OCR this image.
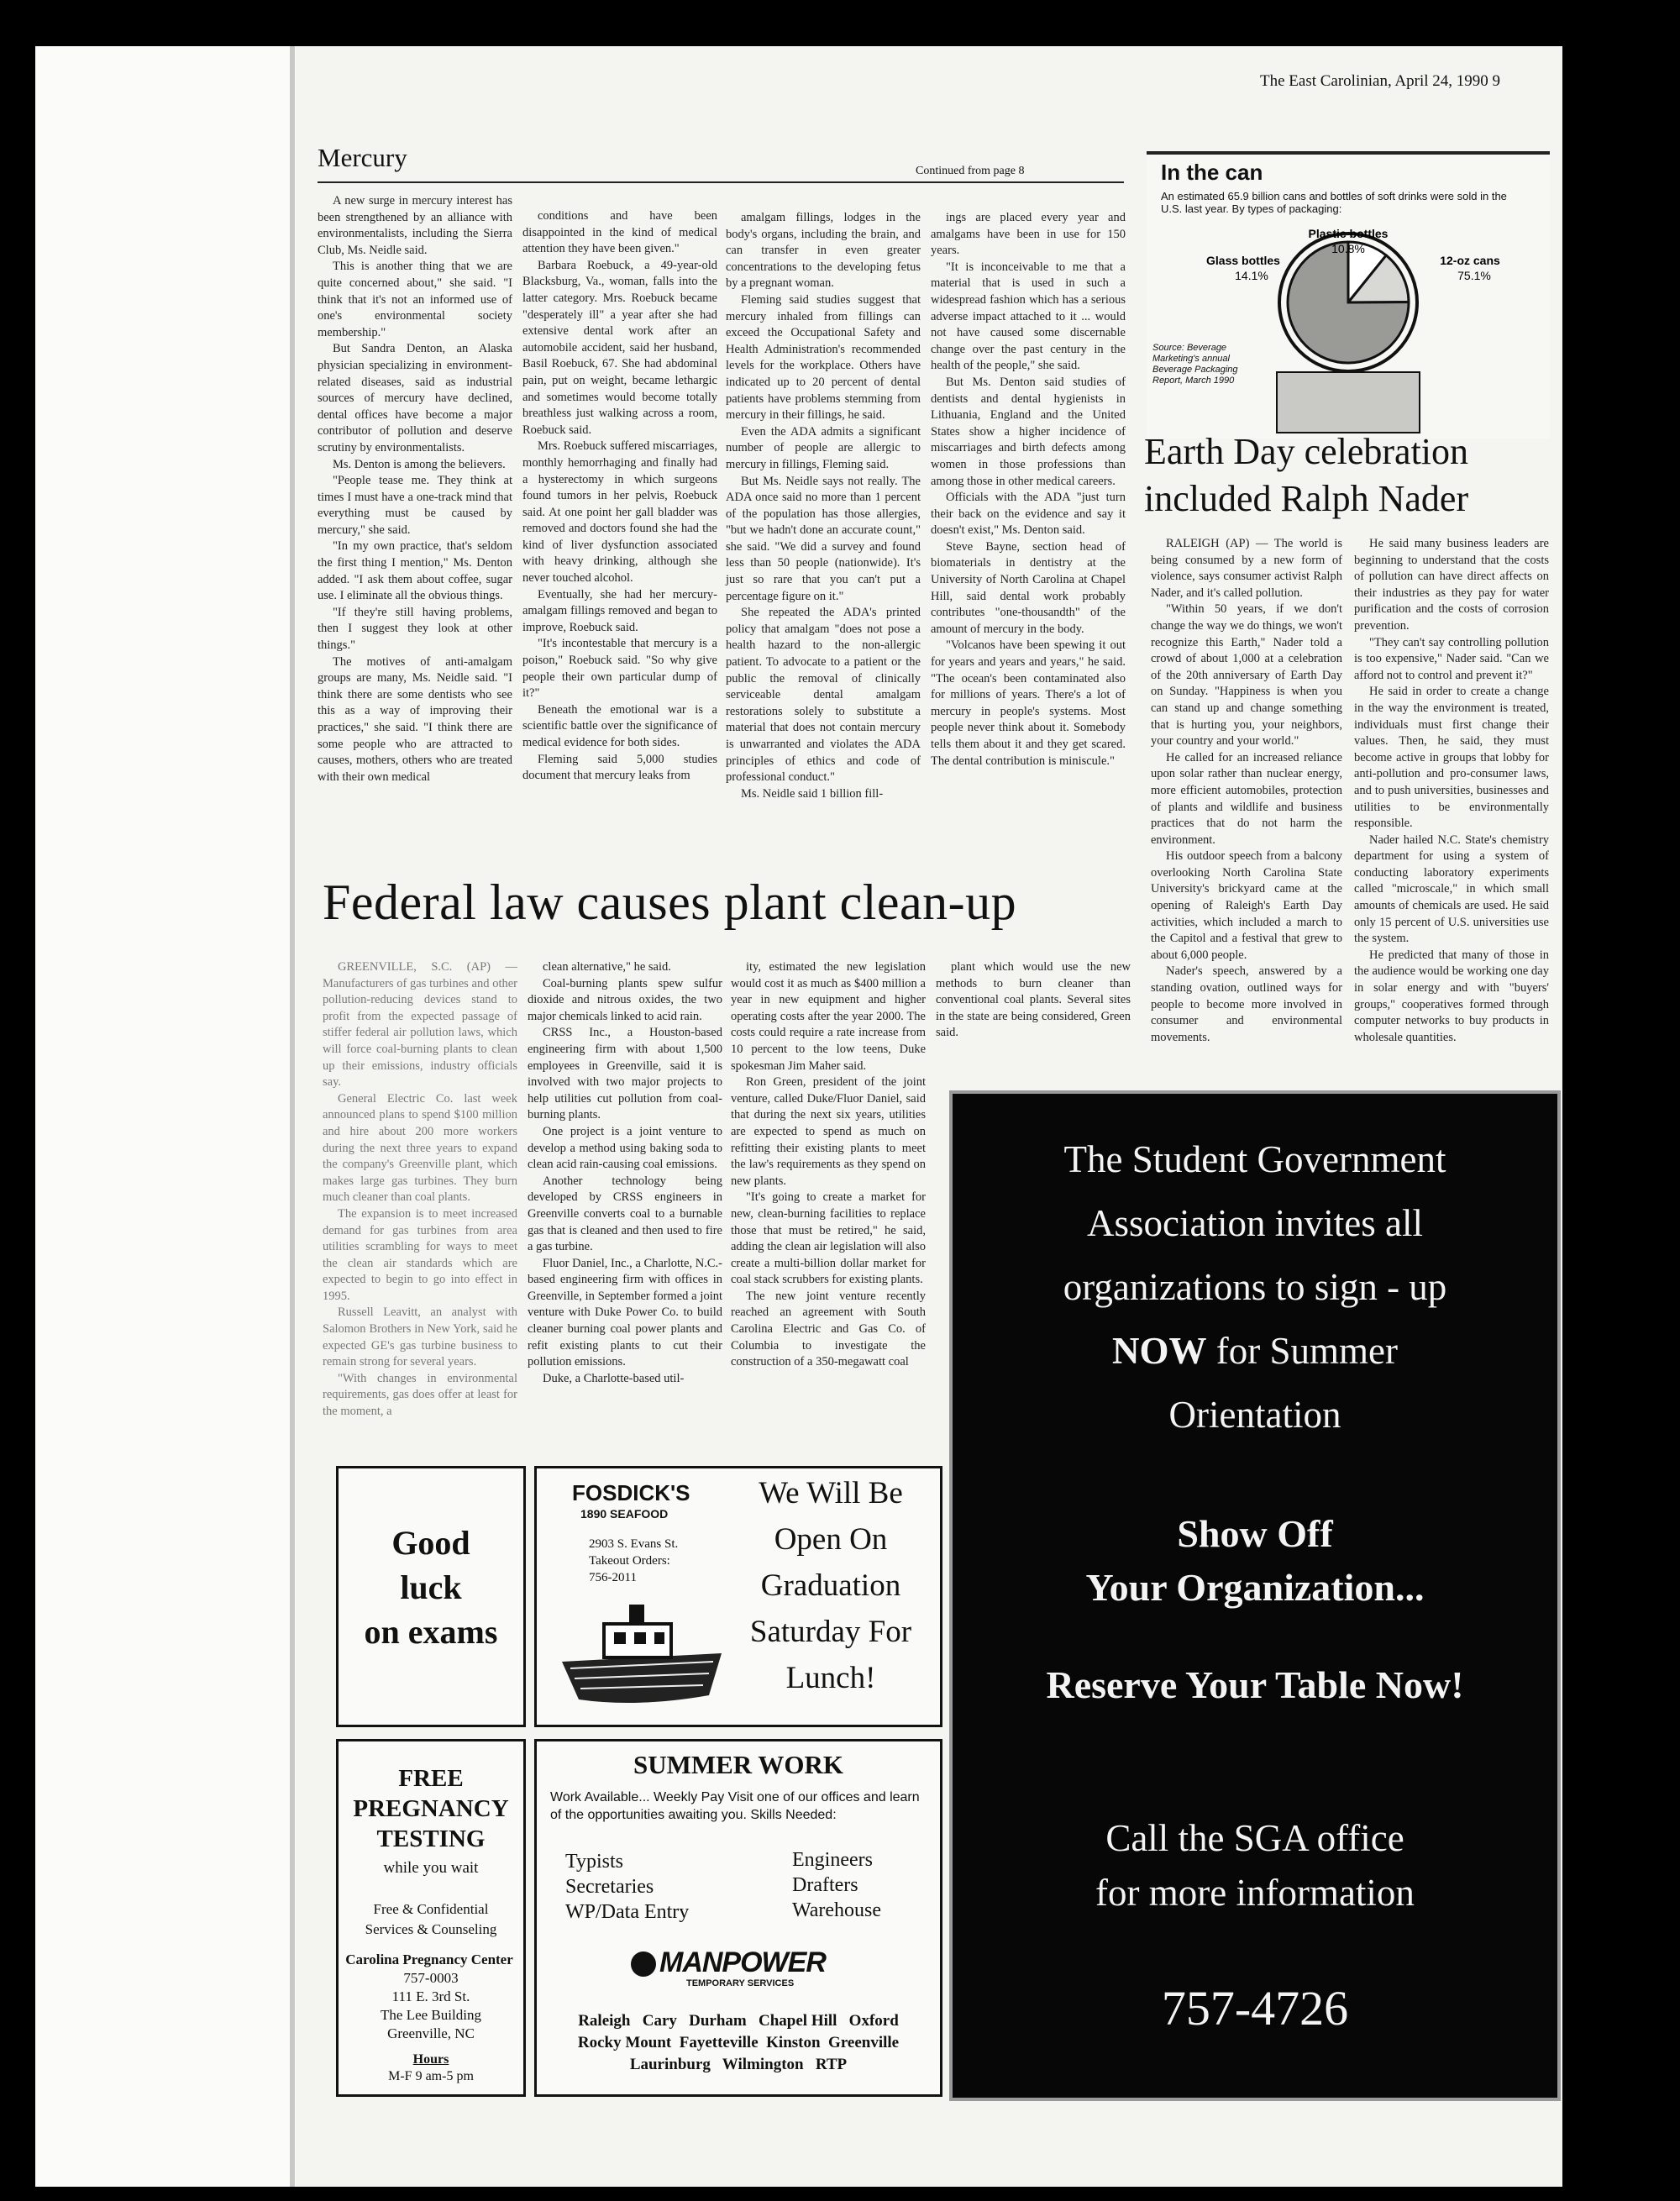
The East Carolinian, April 24, 1990 9
Mercury	Continued from page 8

A new surge in mercury interest has been strengthened by an alliance with environmentalists, including the Sierra Club, Ms. Neidle said.

This is another thing that we are quite concerned about," she said. "I think that it's not an informed use of one's environmental society membership."

But Sandra Denton, an Alaska physician specializing in environment-related diseases, said as industrial sources of mercury have declined, dental offices have become a major contributor of pollution and deserve scrutiny by environmentalists.

Ms. Denton is among the believers.

"People tease me. They think at times I must have a one-track mind that everything must be caused by mercury," she said.

"In my own practice, that's seldom the first thing I mention," Ms. Denton added. "I ask them about coffee, sugar use. I eliminate all the obvious things.

"If they're still having problems, then I suggest they look at other things."

The motives of anti-amalgam groups are many, Ms. Neidle said. "I think there are some dentists who see this as a way of improving their practices," she said. "I think there are some people who are attracted to causes, mothers, others who are treated with their own medical

conditions and have been disappointed in the kind of medical attention they have been given."

Barbara Roebuck, a 49-year-old Blacksburg, Va., woman, falls into the latter category. Mrs. Roebuck became "desperately ill" a year after she had extensive dental work after an automobile accident, said her husband, Basil Roebuck, 67. She had abdominal pain, put on weight, became lethargic and sometimes would become totally breathless just walking across a room, Roebuck said.

Mrs. Roebuck suffered miscarriages, monthly hemorrhaging and finally had a hysterectomy in which surgeons found tumors in her pelvis, Roebuck said. At one point her gall bladder was removed and doctors found she had the kind of liver dysfunction associated with heavy drinking, although she never touched alcohol.

Eventually, she had her mercury-amalgam fillings removed and began to improve, Roebuck said.

"It's incontestable that mercury is a poison," Roebuck said. "So why give people their own particular dump of it?"

Beneath the emotional war is a scientific battle over the significance of medical evidence for both sides.

Fleming said 5,000 studies document that mercury leaks from

amalgam fillings, lodges in the body's organs, including the brain, and can transfer in even greater concentrations to the developing fetus by a pregnant woman.

Fleming said studies suggest that mercury inhaled from fillings can exceed the Occupational Safety and Health Administration's recommended levels for the workplace. Others have indicated up to 20 percent of dental patients have problems stemming from mercury in their fillings, he said.

Even the ADA admits a significant number of people are allergic to mercury in fillings, Fleming said.

But Ms. Neidle says not really. The ADA once said no more than 1 percent of the population has those allergies, "but we hadn't done an accurate count," she said. "We did a survey and found less than 50 people (nationwide). It's just so rare that you can't put a percentage figure on it."

She repeated the ADA's printed policy that amalgam "does not pose a health hazard to the non-allergic patient. To advocate to a patient or the public the removal of clinically serviceable dental amalgam restorations solely to substitute a material that does not contain mercury is unwarranted and violates the ADA principles of ethics and code of professional conduct."

Ms. Neidle said 1 billion fill-

ings are placed every year and amalgams have been in use for 150 years.

"It is inconceivable to me that a material that is used in such a widespread fashion which has a serious adverse impact attached to it ... would not have caused some discernable change over the past century in the health of the people," she said.

But Ms. Denton said studies of dentists and dental hygienists in Lithuania, England and the United States show a higher incidence of miscarriages and birth defects among women in those professions than among those in other medical careers.

Officials with the ADA "just turn their back on the evidence and say it doesn't exist," Ms. Denton said.

Steve Bayne, section head of biomaterials in dentistry at the University of North Carolina at Chapel Hill, said dental work probably contributes "one-thousandth" of the amount of mercury in the body.

"Volcanos have been spewing it out for years and years and years," he said. "The ocean's been contaminated also for millions of years. There's a lot of mercury in people's systems. Most people never think about it. Somebody tells them about it and they get scared. The dental contribution is miniscule."

In the can
An estimated 65.9 billion cans and bottles of soft drinks were sold in the U.S. last year. By types of packaging:
Plastic bottles
10.8%
Glass bottles
14.1%
12-oz cans
75.1%
Source: Beverage Marketing's annual Beverage Packaging Report, March 1990
Earth Day celebration
included Ralph Nader

RALEIGH (AP) — The world is being consumed by a new form of violence, says consumer activist Ralph Nader, and it's called pollution.

"Within 50 years, if we don't change the way we do things, we won't recognize this Earth," Nader told a crowd of about 1,000 at a celebration of the 20th anniversary of Earth Day on Sunday. "Happiness is when you can stand up and change something that is hurting you, your neighbors, your country and your world."

He called for an increased reliance upon solar rather than nuclear energy, more efficient automobiles, protection of plants and wildlife and business practices that do not harm the environment.

His outdoor speech from a balcony overlooking North Carolina State University's brickyard came at the opening of Raleigh's Earth Day activities, which included a march to the Capitol and a festival that grew to about 6,000 people.

Nader's speech, answered by a standing ovation, outlined ways for people to become more involved in consumer and environmental movements.

He said many business leaders are beginning to understand that the costs of pollution can have direct affects on their industries as they pay for water purification and the costs of corrosion prevention.

"They can't say controlling pollution is too expensive," Nader said. "Can we afford not to control and prevent it?"

He said in order to create a change in the way the environment is treated, individuals must first change their values. Then, he said, they must become active in groups that lobby for anti-pollution and pro-consumer laws, and to push universities, businesses and utilities to be environmentally responsible.

Nader hailed N.C. State's chemistry department for using a system of conducting laboratory experiments called "microscale," in which small amounts of chemicals are used. He said only 15 percent of U.S. universities use the system.

He predicted that many of those in the audience would be working one day in solar energy and with "buyers' groups," cooperatives formed through computer networks to buy products in wholesale quantities.

Federal law causes plant clean-up

GREENVILLE, S.C. (AP) — Manufacturers of gas turbines and other pollution-reducing devices stand to profit from the expected passage of stiffer federal air pollution laws, which will force coal-burning plants to clean up their emissions, industry officials say.

General Electric Co. last week announced plans to spend $100 million and hire about 200 more workers during the next three years to expand the company's Greenville plant, which makes large gas turbines. They burn much cleaner than coal plants.

The expansion is to meet increased demand for gas turbines from area utilities scrambling for ways to meet the clean air standards which are expected to begin to go into effect in 1995.

Russell Leavitt, an analyst with Salomon Brothers in New York, said he expected GE's gas turbine business to remain strong for several years.

"With changes in environmental requirements, gas does offer at least for the moment, a

clean alternative," he said.

Coal-burning plants spew sulfur dioxide and nitrous oxides, the two major chemicals linked to acid rain.

CRSS Inc., a Houston-based engineering firm with about 1,500 employees in Greenville, said it is involved with two major projects to help utilities cut pollution from coal-burning plants.

One project is a joint venture to develop a method using baking soda to clean acid rain-causing coal emissions.

Another technology being developed by CRSS engineers in Greenville converts coal to a burnable gas that is cleaned and then used to fire a gas turbine.

Fluor Daniel, Inc., a Charlotte, N.C.-based engineering firm with offices in Greenville, in September formed a joint venture with Duke Power Co. to build cleaner burning coal power plants and refit existing plants to cut their pollution emissions.

Duke, a Charlotte-based util-

ity, estimated the new legislation would cost it as much as $400 million a year in new equipment and higher operating costs after the year 2000. The costs could require a rate increase from 10 percent to the low teens, Duke spokesman Jim Maher said.

Ron Green, president of the joint venture, called Duke/Fluor Daniel, said that during the next six years, utilities are expected to spend as much on refitting their existing plants to meet the law's requirements as they spend on new plants.

"It's going to create a market for new, clean-burning facilities to replace those that must be retired," he said, adding the clean air legislation will also create a multi-billion dollar market for coal stack scrubbers for existing plants.

The new joint venture recently reached an agreement with South Carolina Electric and Gas Co. of Columbia to investigate the construction of a 350-megawatt coal

plant which would use the new methods to burn cleaner than conventional coal plants. Several sites in the state are being considered, Green said.

Good
luck
on exams
FOSDICK'S
1890 SEAFOOD
2903 S. Evans St.
Takeout Orders:
756-2011
We Will Be
Open On
Graduation
Saturday For
Lunch!
FREE
PREGNANCY
TESTING
while you wait
Free & Confidential
Services & Counseling
Carolina Pregnancy Center
757-0003
111 E. 3rd St.
The Lee Building
Greenville, NC
Hours
M-F 9 am-5 pm
SUMMER WORK
Work Available... Weekly Pay Visit one of our offices and learn of the opportunities awaiting you. Skills Needed:
Typists
Secretaries
WP/Data Entry
Engineers
Drafters
Warehouse
MANPOWER
TEMPORARY SERVICES
Raleigh   Cary   Durham   Chapel Hill   Oxford
Rocky Mount  Fayetteville  Kinston  Greenville
Laurinburg   Wilmington   RTP
The Student Government
Association invites all
organizations to sign - up
NOW for Summer
Orientation
Show Off
Your Organization...
Reserve Your Table Now!
Call the SGA office
for more information
757-4726
